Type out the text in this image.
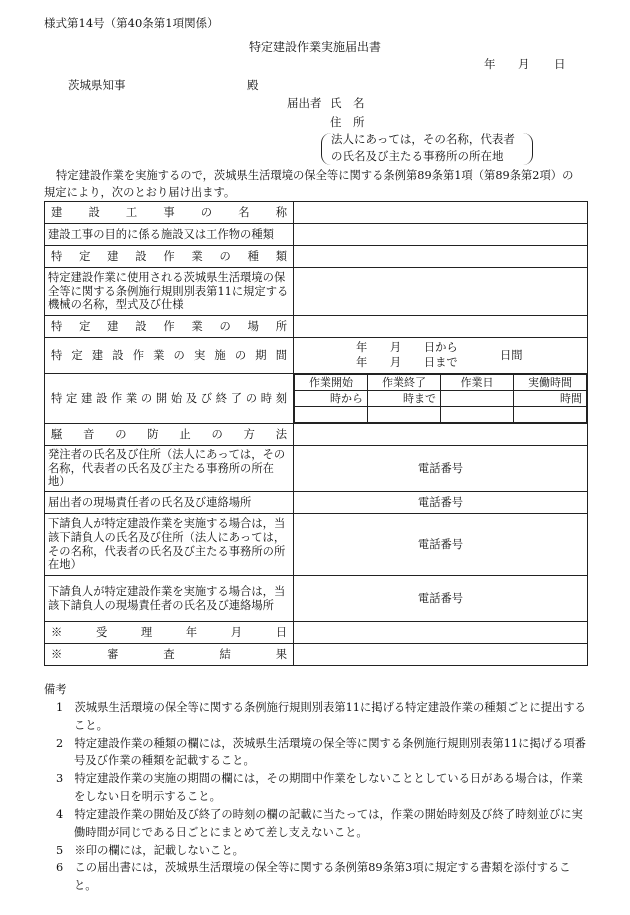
様式第14号（第40条第1項関係）
特定建設作業実施届出書
年 月 日
茨城県知事	殿
届出者 氏　名
住　所
法人にあっては，その名称，代表者
の氏名及び主たる事務所の所在地
特定建設作業を実施するので，茨城県生活環境の保全等に関する条例第89条第1項（第89条第2項）の
規定により，次のとおり届け出ます。
建設工事の名称	
建設工事の目的に係る施設又は工作物の種類	
特定建設作業の種類	
特定建設作業に使用される茨城県生活環境の保全等に関する条例施行規則別表第11に規定する機械の名称，型式及び仕様	
特定建設作業の場所	
特定建設作業の実施の期間	
年　　月　　日から
年　　月　　日まで
日間

特定建設作業の開始及び終了の時刻	
作業開始	作業終了	作業日	実働時間
時から	時まで		時間

騒音の防止の方法	
発注者の氏名及び住所（法人にあっては，その名称，代表者の氏名及び主たる事務所の所在地）	電話番号
届出者の現場責任者の氏名及び連絡場所	電話番号
下請負人が特定建設作業を実施する場合は，当該下請負人の氏名及び住所（法人にあっては，その名称，代表者の氏名及び主たる事務所の所在地）	電話番号
下請負人が特定建設作業を実施する場合は，当該下請負人の現場責任者の氏名及び連絡場所	電話番号
※　受　理　年　月　日	
※　審　査　結　果	
備考
1　茨城県生活環境の保全等に関する条例施行規則別表第11に掲げる特定建設作業の種類ごとに提出すること。
2　特定建設作業の種類の欄には，茨城県生活環境の保全等に関する条例施行規則別表第11に掲げる項番号及び作業の種類を記載すること。
3　特定建設作業の実施の期間の欄には，その期間中作業をしないこととしている日がある場合は，作業をしない日を明示すること。
4　特定建設作業の開始及び終了の時刻の欄の記載に当たっては，作業の開始時刻及び終了時刻並びに実働時間が同じである日ごとにまとめて差し支えないこと。
5　※印の欄には，記載しないこと。
6　この届出書には，茨城県生活環境の保全等に関する条例第89条第3項に規定する書類を添付すること。
